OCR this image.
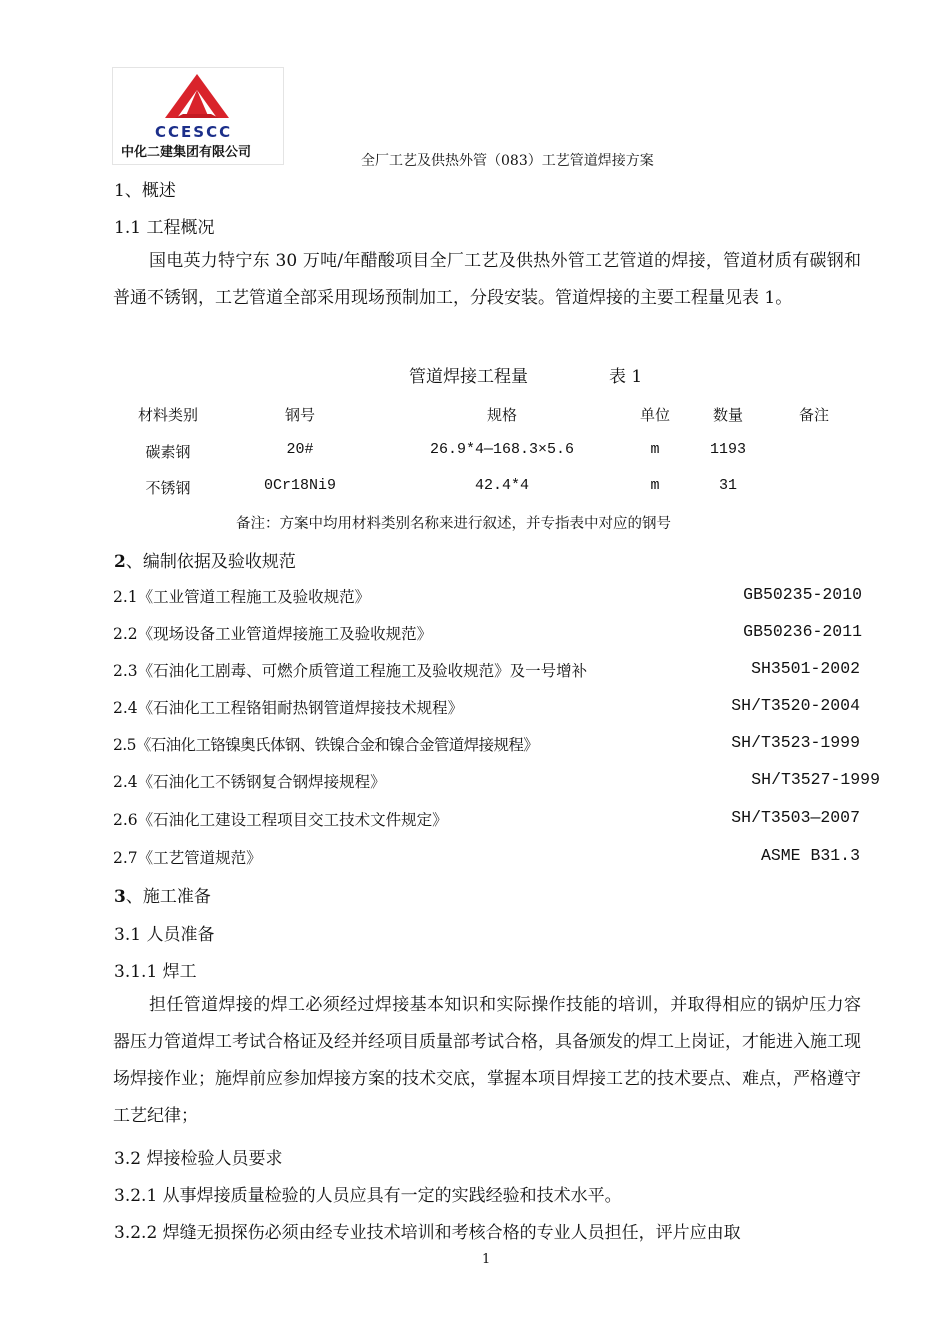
CCESCC
中化二建集团有限公司
全厂工艺及供热外管（083）工艺管道焊接方案
1、概述
1.1 工程概况
国电英力特宁东 30 万吨/年醋酸项目全厂工艺及供热外管工艺管道的焊接，管道材质有碳钢和普通不锈钢，工艺管道全部采用现场预制加工，分段安装。管道焊接的主要工程量见表 1。
管道焊接工程量	表 1
材料类别	钢号	规格	单位	数量	备注
碳素钢	20#	26.9*4—168.3×5.6	m	1193
不锈钢	0Cr18Ni9	42.4*4	m	31
备注：方案中均用材料类别名称来进行叙述，并专指表中对应的钢号
2、编制依据及验收规范
2.1《工业管道工程施工及验收规范》	GB50235-2010
2.2《现场设备工业管道焊接施工及验收规范》	GB50236-2011
2.3《石油化工剧毒、可燃介质管道工程施工及验收规范》及一号增补	SH3501-2002
2.4《石油化工工程铬钼耐热钢管道焊接技术规程》	SH/T3520-2004
2.5《石油化工铬镍奥氏体钢、铁镍合金和镍合金管道焊接规程》	SH/T3523-1999
2.4《石油化工不锈钢复合钢焊接规程》	SH/T3527-1999
2.6《石油化工建设工程项目交工技术文件规定》	SH/T3503—2007
2.7《工艺管道规范》	ASME B31.3
3、施工准备
3.1 人员准备
3.1.1 焊工
担任管道焊接的焊工必须经过焊接基本知识和实际操作技能的培训，并取得相应的锅炉压力容器压力管道焊工考试合格证及经并经项目质量部考试合格，具备颁发的焊工上岗证，才能进入施工现场焊接作业；施焊前应参加焊接方案的技术交底，掌握本项目焊接工艺的技术要点、难点，严格遵守工艺纪律；
3.2 焊接检验人员要求
3.2.1 从事焊接质量检验的人员应具有一定的实践经验和技术水平。
3.2.2 焊缝无损探伤必须由经专业技术培训和考核合格的专业人员担任，评片应由取
1
